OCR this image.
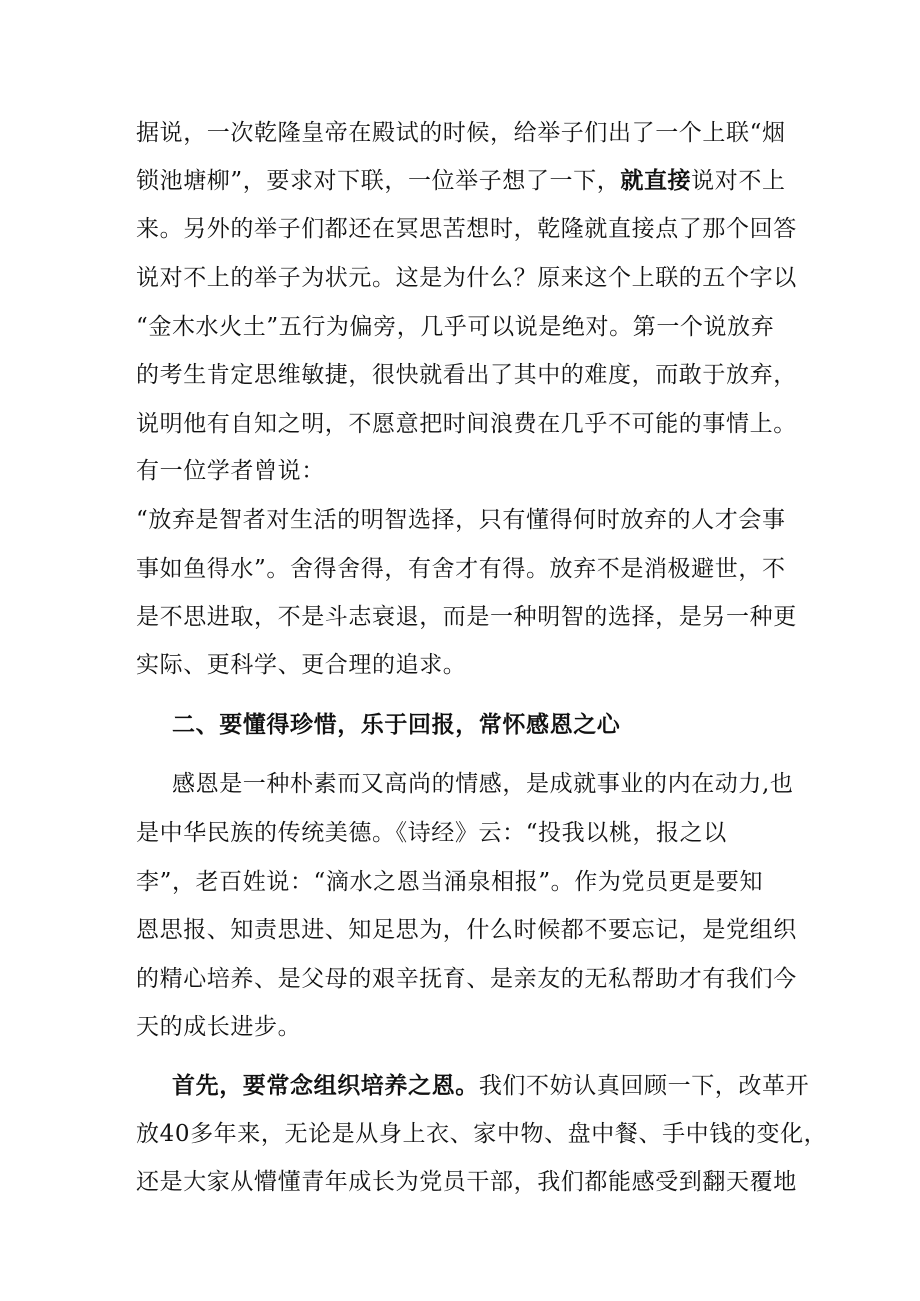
据说，一次乾隆皇帝在殿试的时候，给举子们出了一个上联“烟
锁池塘柳”，要求对下联，一位举子想了一下，就直接说对不上
来。另外的举子们都还在冥思苦想时，乾隆就直接点了那个回答
说对不上的举子为状元。这是为什么？原来这个上联的五个字以
“金木水火土”五行为偏旁，几乎可以说是绝对。第一个说放弃
的考生肯定思维敏捷，很快就看出了其中的难度，而敢于放弃，
说明他有自知之明，不愿意把时间浪费在几乎不可能的事情上。
有一位学者曾说：
“放弃是智者对生活的明智选择，只有懂得何时放弃的人才会事
事如鱼得水”。舍得舍得，有舍才有得。放弃不是消极避世，不
是不思进取，不是斗志衰退，而是一种明智的选择，是另一种更
实际、更科学、更合理的追求。
二、要懂得珍惜，乐于回报，常怀感恩之心
感恩是一种朴素而又高尚的情感，是成就事业的内在动力,也
是中华民族的传统美德。《诗经》云：“投我以桃，报之以
李”，老百姓说：“滴水之恩当涌泉相报”。作为党员更是要知
恩思报、知责思进、知足思为，什么时候都不要忘记，是党组织
的精心培养、是父母的艰辛抚育、是亲友的无私帮助才有我们今
天的成长进步。
首先，要常念组织培养之恩。我们不妨认真回顾一下，改革开
放40多年来，无论是从身上衣、家中物、盘中餐、手中钱的变化，
还是大家从懵懂青年成长为党员干部，我们都能感受到翻天覆地
